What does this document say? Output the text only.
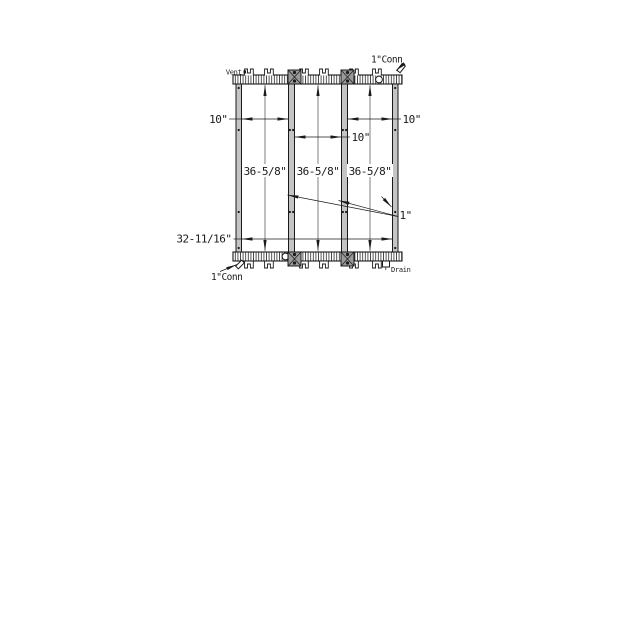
Vent
1"Conn
1"Conn
Drain
36-5/8" 36-5/8" 36-5/8"
10"	10"
10"
32-11/16"
1"
